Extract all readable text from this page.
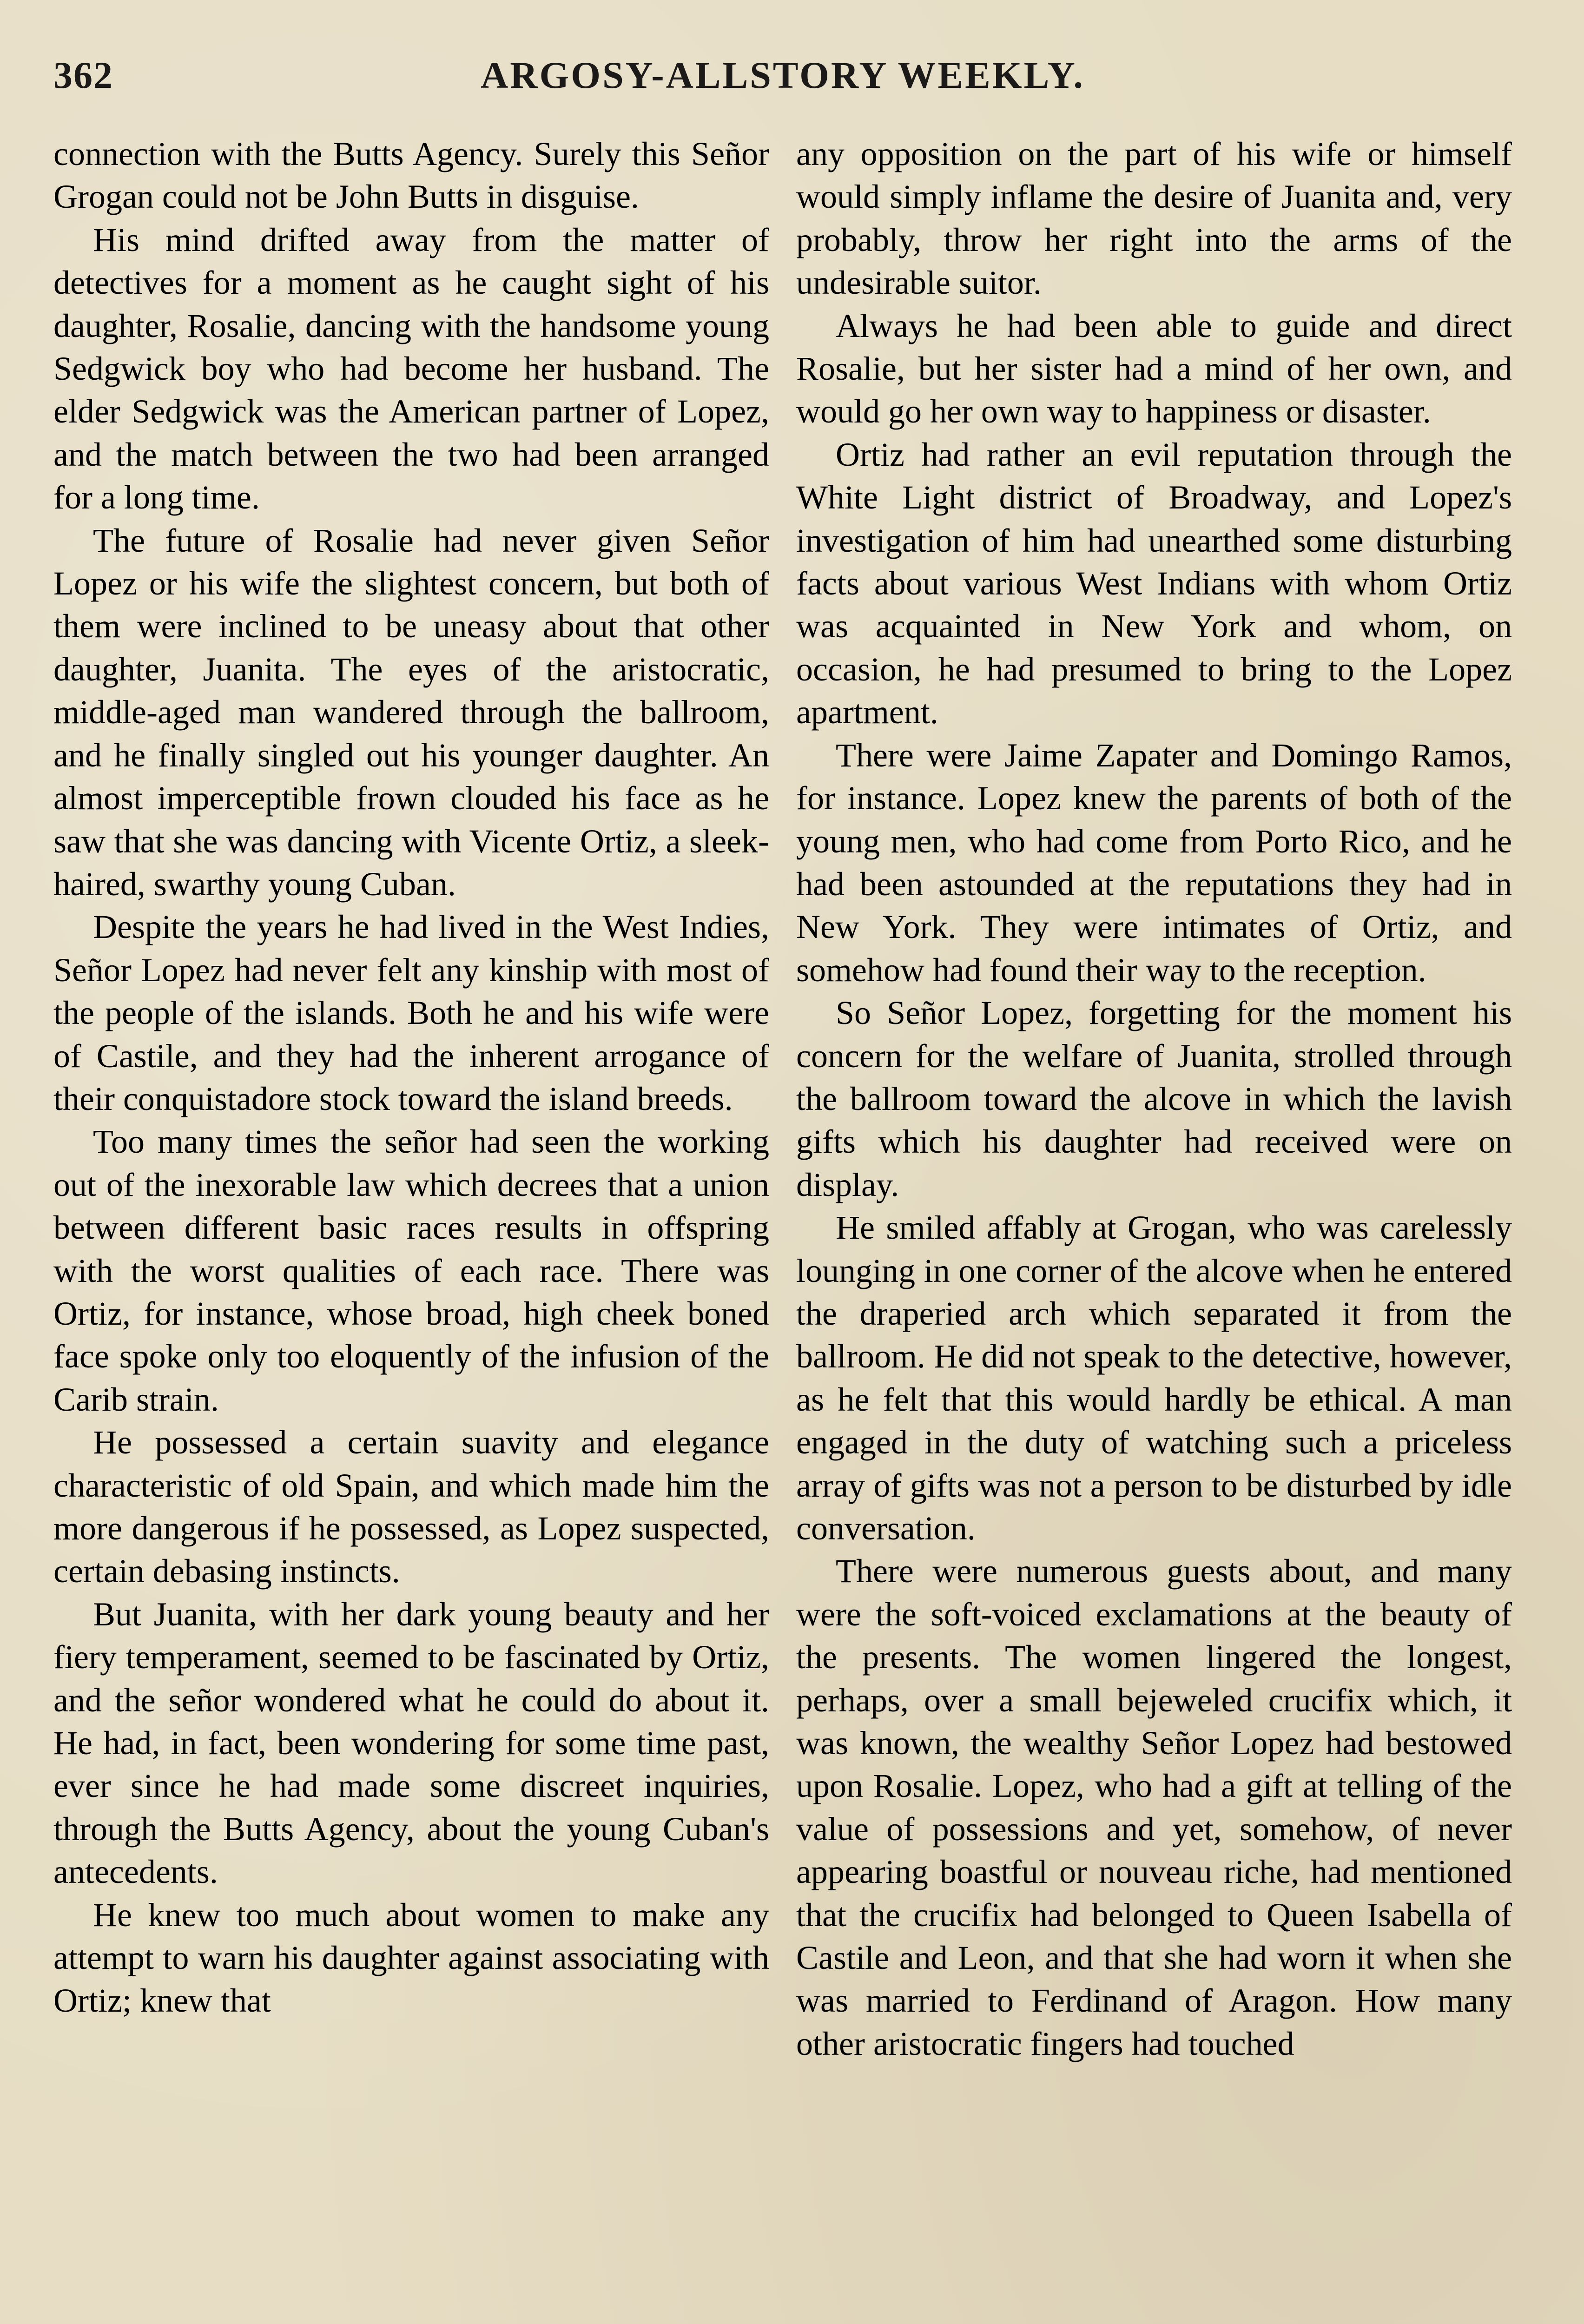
362	ARGOSY-ALLSTORY WEEKLY.

connection with the Butts Agency. Surely this Señor Grogan could not be John Butts in disguise.

His mind drifted away from the matter of detectives for a moment as he caught sight of his daughter, Rosalie, dancing with the handsome young Sedgwick boy who had become her husband. The elder Sedgwick was the American partner of Lopez, and the match between the two had been arranged for a long time.

The future of Rosalie had never given Señor Lopez or his wife the slightest concern, but both of them were inclined to be uneasy about that other daughter, Juanita. The eyes of the aristocratic, middle-aged man wandered through the ballroom, and he finally singled out his younger daughter. An almost imperceptible frown clouded his face as he saw that she was dancing with Vicente Ortiz, a sleek-haired, swarthy young Cuban.

Despite the years he had lived in the West Indies, Señor Lopez had never felt any kinship with most of the people of the islands. Both he and his wife were of Castile, and they had the inherent arrogance of their conquistadore stock toward the island breeds.

Too many times the señor had seen the working out of the inexorable law which decrees that a union between different basic races results in offspring with the worst qualities of each race. There was Ortiz, for instance, whose broad, high cheek boned face spoke only too eloquently of the infusion of the Carib strain.

He possessed a certain suavity and elegance characteristic of old Spain, and which made him the more dangerous if he possessed, as Lopez suspected, certain debasing instincts.

But Juanita, with her dark young beauty and her fiery temperament, seemed to be fascinated by Ortiz, and the señor wondered what he could do about it. He had, in fact, been wondering for some time past, ever since he had made some discreet inquiries, through the Butts Agency, about the young Cuban's antecedents.

He knew too much about women to make any attempt to warn his daughter against associating with Ortiz; knew that

any opposition on the part of his wife or himself would simply inflame the desire of Juanita and, very probably, throw her right into the arms of the undesirable suitor.

Always he had been able to guide and direct Rosalie, but her sister had a mind of her own, and would go her own way to happiness or disaster.

Ortiz had rather an evil reputation through the White Light district of Broadway, and Lopez's investigation of him had unearthed some disturbing facts about various West Indians with whom Ortiz was acquainted in New York and whom, on occasion, he had presumed to bring to the Lopez apartment.

There were Jaime Zapater and Domingo Ramos, for instance. Lopez knew the parents of both of the young men, who had come from Porto Rico, and he had been astounded at the reputations they had in New York. They were intimates of Ortiz, and somehow had found their way to the reception.

So Señor Lopez, forgetting for the moment his concern for the welfare of Juanita, strolled through the ballroom toward the alcove in which the lavish gifts which his daughter had received were on display.

He smiled affably at Grogan, who was carelessly lounging in one corner of the alcove when he entered the draperied arch which separated it from the ballroom. He did not speak to the detective, however, as he felt that this would hardly be ethical. A man engaged in the duty of watching such a priceless array of gifts was not a person to be disturbed by idle conversation.

There were numerous guests about, and many were the soft-voiced exclamations at the beauty of the presents. The women lingered the longest, perhaps, over a small bejeweled crucifix which, it was known, the wealthy Señor Lopez had bestowed upon Rosalie. Lopez, who had a gift at telling of the value of possessions and yet, somehow, of never appearing boastful or nouveau riche, had mentioned that the crucifix had belonged to Queen Isabella of Castile and Leon, and that she had worn it when she was married to Ferdinand of Aragon. How many other aristocratic fingers had touched
